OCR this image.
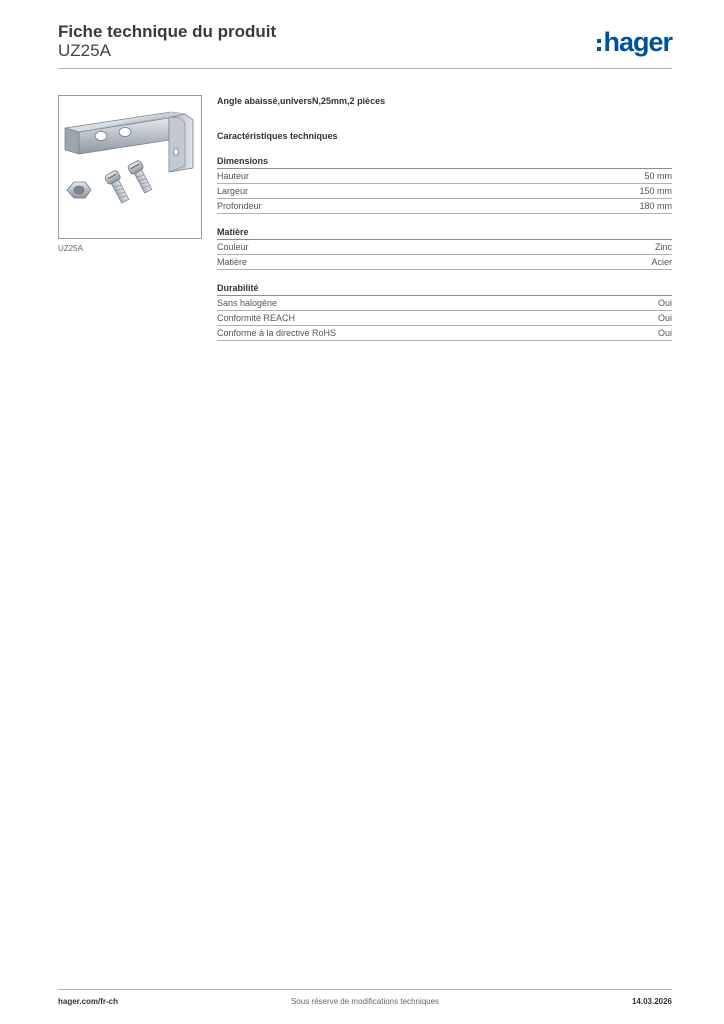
Fiche technique du produit
UZ25A	hager
UZ25A
Angle abaissé,universN,25mm,2 pièces
Caractéristiques techniques
Dimensions
Hauteur	50 mm
Largeur	150 mm
Profondeur	180 mm
Matière
Couleur	Zinc
Matière	Acier
Durabilité
Sans halogène	Oui
Conformité REACH	Oui
Conforme à la directive RoHS	Oui
Sous réserve de modifications techniques
hager.com/fr-ch	14.03.2026
